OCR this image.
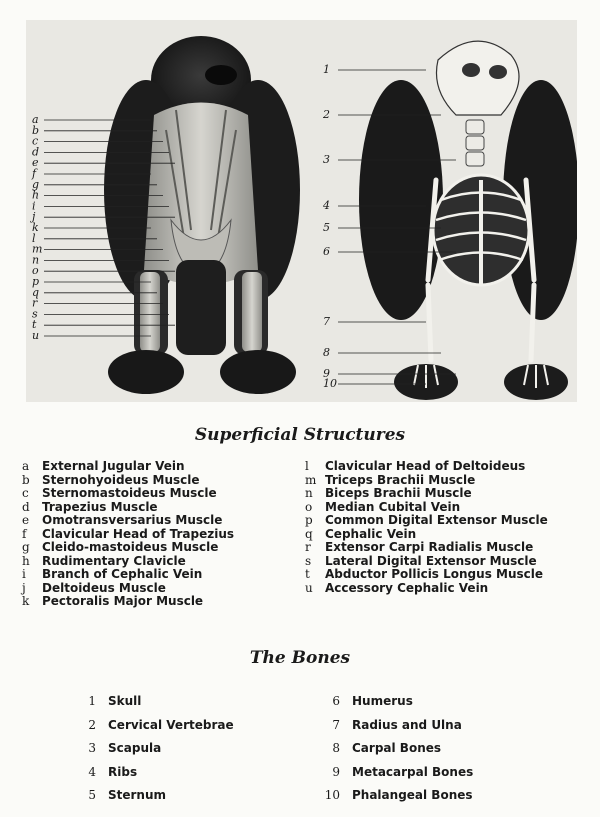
a
b
c
d
e
f
g
h
i
j
k
l
m
n
o
p
q
r
s
t
u
1
2
3
4
5
6
7
8
9
10
Superficial Structures
a External Jugular Vein
b Sternohyoideus Muscle
c Sternomastoideus Muscle
d Trapezius Muscle
e Omotransversarius Muscle
f Clavicular Head of Trapezius
g Cleido-mastoideus Muscle
h Rudimentary Clavicle
i Branch of Cephalic Vein
j Deltoideus Muscle
k Pectoralis Major Muscle
l Clavicular Head of Deltoideus
m Triceps Brachii Muscle
n Biceps Brachii Muscle
o Median Cubital Vein
p Common Digital Extensor Muscle
q Cephalic Vein
r Extensor Carpi Radialis Muscle
s Lateral Digital Extensor Muscle
t Abductor Pollicis Longus Muscle
u Accessory Cephalic Vein
The Bones
1 Skull
2 Cervical Vertebrae
3 Scapula
4 Ribs
5 Sternum
6 Humerus
7 Radius and Ulna
8 Carpal Bones
9 Metacarpal Bones
10 Phalangeal Bones
